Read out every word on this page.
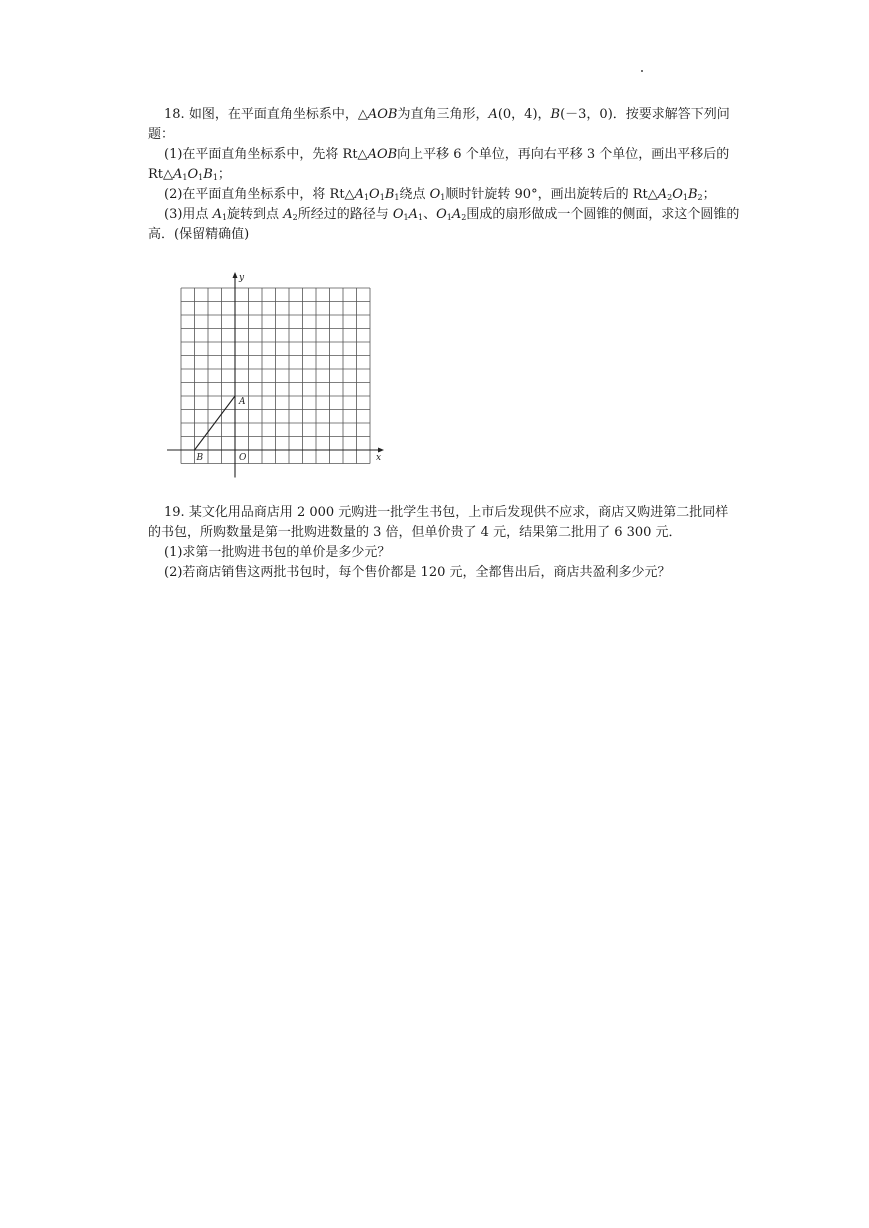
18. 如图，在平面直角坐标系中，△AOB为直角三角形，A(0，4)，B(－3，0)．按要求解答下列问题：

(1)在平面直角坐标系中，先将 Rt△AOB向上平移 6 个单位，再向右平移 3 个单位，画出平移后的 $Rt\triangle A_1O_1B_1$；

(2)在平面直角坐标系中，将 $Rt\triangle A_1O_1B_1$绕点 $O_1$顺时针旋转 90°，画出旋转后的 $Rt\triangle A_2O_1B_2$；

(3)用点 $A_1$旋转到点 $A_2$所经过的路径与 $O_1A_1$、$O_1A_2$围成的扇形做成一个圆锥的侧面，求这个圆锥的高．(保留精确值)

y
x
A
B	O

19. 某文化用品商店用 2 000 元购进一批学生书包，上市后发现供不应求，商店又购进第二批同样的书包，所购数量是第一批购进数量的 3 倍，但单价贵了 4 元，结果第二批用了 6 300 元．

(1)求第一批购进书包的单价是多少元？

(2)若商店销售这两批书包时，每个售价都是 120 元，全都售出后，商店共盈利多少元？
